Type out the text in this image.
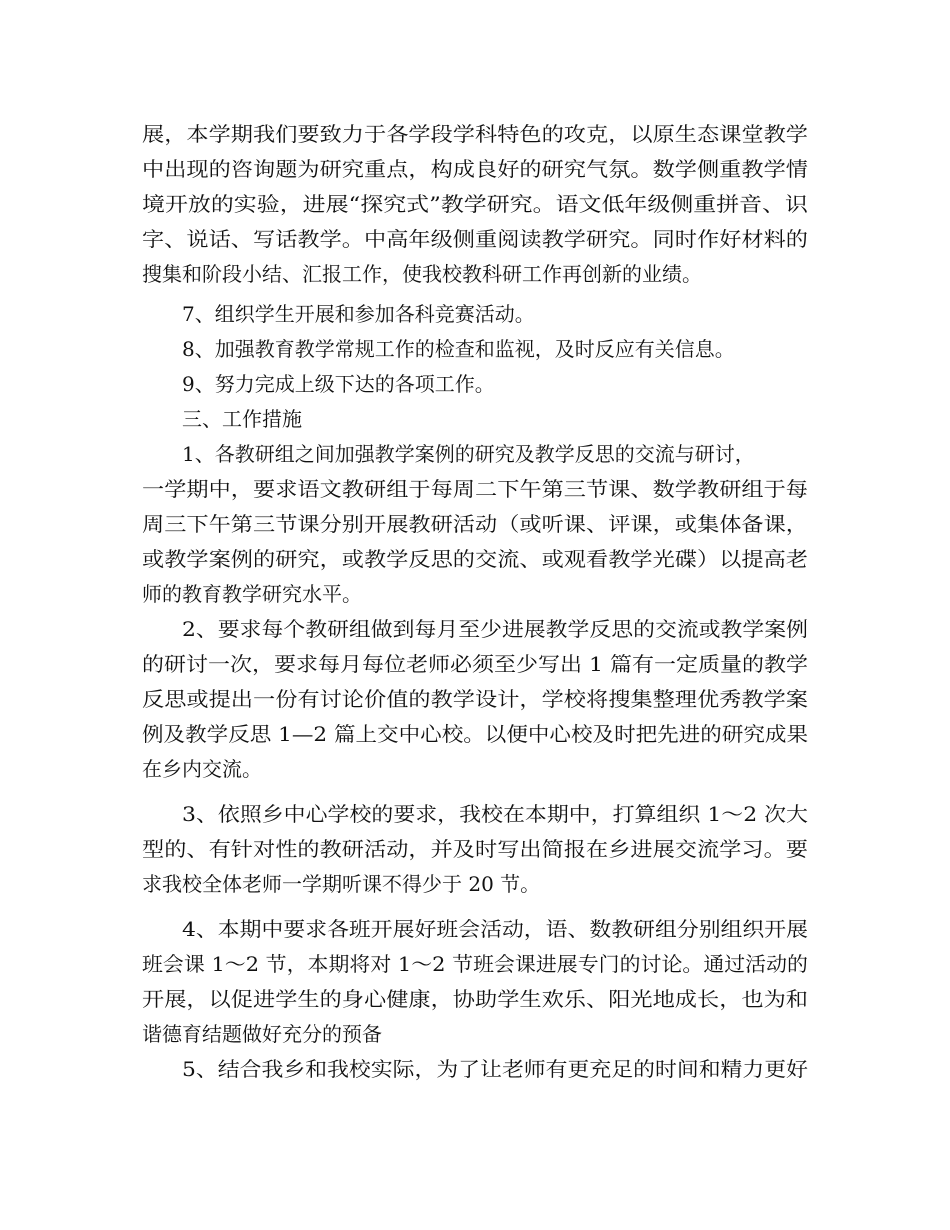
展，本学期我们要致力于各学段学科特色的攻克，以原生态课堂教学
中出现的咨询题为研究重点，构成良好的研究气氛。数学侧重教学情
境开放的实验，进展“探究式”教学研究。语文低年级侧重拼音、识
字、说话、写话教学。中高年级侧重阅读教学研究。同时作好材料的
搜集和阶段小结、汇报工作，使我校教科研工作再创新的业绩。
7、组织学生开展和参加各科竞赛活动。
8、加强教育教学常规工作的检查和监视，及时反应有关信息。
9、努力完成上级下达的各项工作。
三、工作措施
1、各教研组之间加强教学案例的研究及教学反思的交流与研讨，
一学期中，要求语文教研组于每周二下午第三节课、数学教研组于每
周三下午第三节课分别开展教研活动（或听课、评课，或集体备课，
或教学案例的研究，或教学反思的交流、或观看教学光碟）以提高老
师的教育教学研究水平。
2、要求每个教研组做到每月至少进展教学反思的交流或教学案例
的研讨一次，要求每月每位老师必须至少写出 1 篇有一定质量的教学
反思或提出一份有讨论价值的教学设计，学校将搜集整理优秀教学案
例及教学反思 1—2 篇上交中心校。以便中心校及时把先进的研究成果
在乡内交流。
3、依照乡中心学校的要求，我校在本期中，打算组织 1～2 次大
型的、有针对性的教研活动，并及时写出简报在乡进展交流学习。要
求我校全体老师一学期听课不得少于 20 节。
4、本期中要求各班开展好班会活动，语、数教研组分别组织开展
班会课 1～2 节，本期将对 1～2 节班会课进展专门的讨论。通过活动的
开展，以促进学生的身心健康，协助学生欢乐、阳光地成长，也为和
谐德育结题做好充分的预备
5、结合我乡和我校实际，为了让老师有更充足的时间和精力更好
